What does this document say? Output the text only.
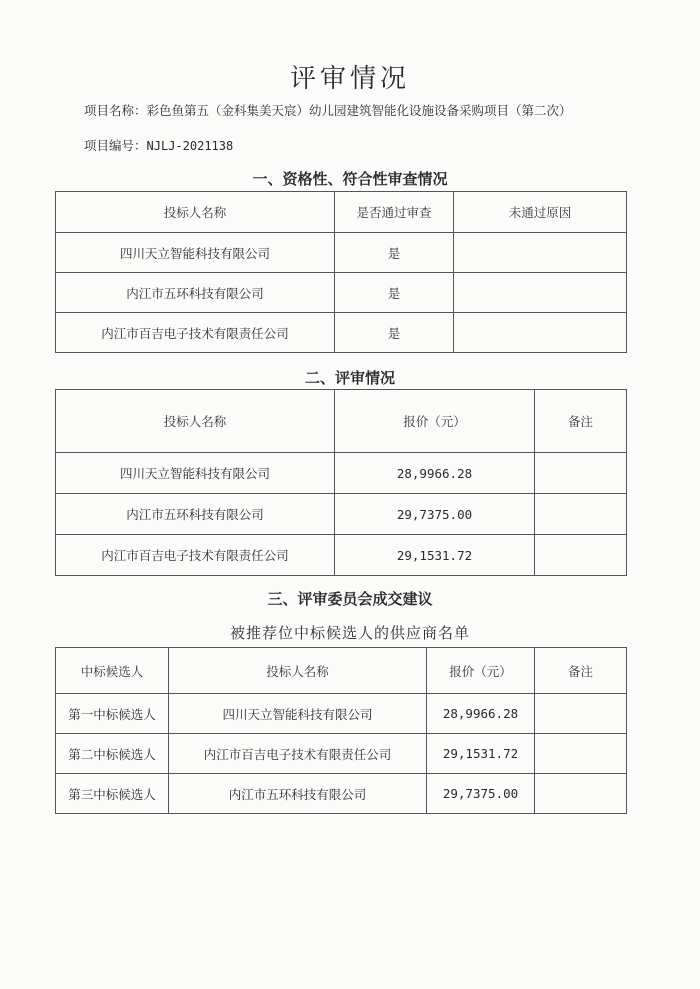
评审情况
项目名称：彩色鱼第五（金科集美天宸）幼儿园建筑智能化设施设备采购项目（第二次）
项目编号：NJLJ-2021138
一、资格性、符合性审查情况
投标人名称	是否通过审查	未通过原因
四川天立智能科技有限公司	是	
内江市五环科技有限公司	是	
内江市百吉电子技术有限责任公司	是	
二、评审情况
投标人名称	报价（元）	备注
四川天立智能科技有限公司	28,9966.28	
内江市五环科技有限公司	29,7375.00	
内江市百吉电子技术有限责任公司	29,1531.72	
三、评审委员会成交建议
被推荐位中标候选人的供应商名单
中标候选人	投标人名称	报价（元）	备注
第一中标候选人	四川天立智能科技有限公司	28,9966.28	
第二中标候选人	内江市百吉电子技术有限责任公司	29,1531.72	
第三中标候选人	内江市五环科技有限公司	29,7375.00	
